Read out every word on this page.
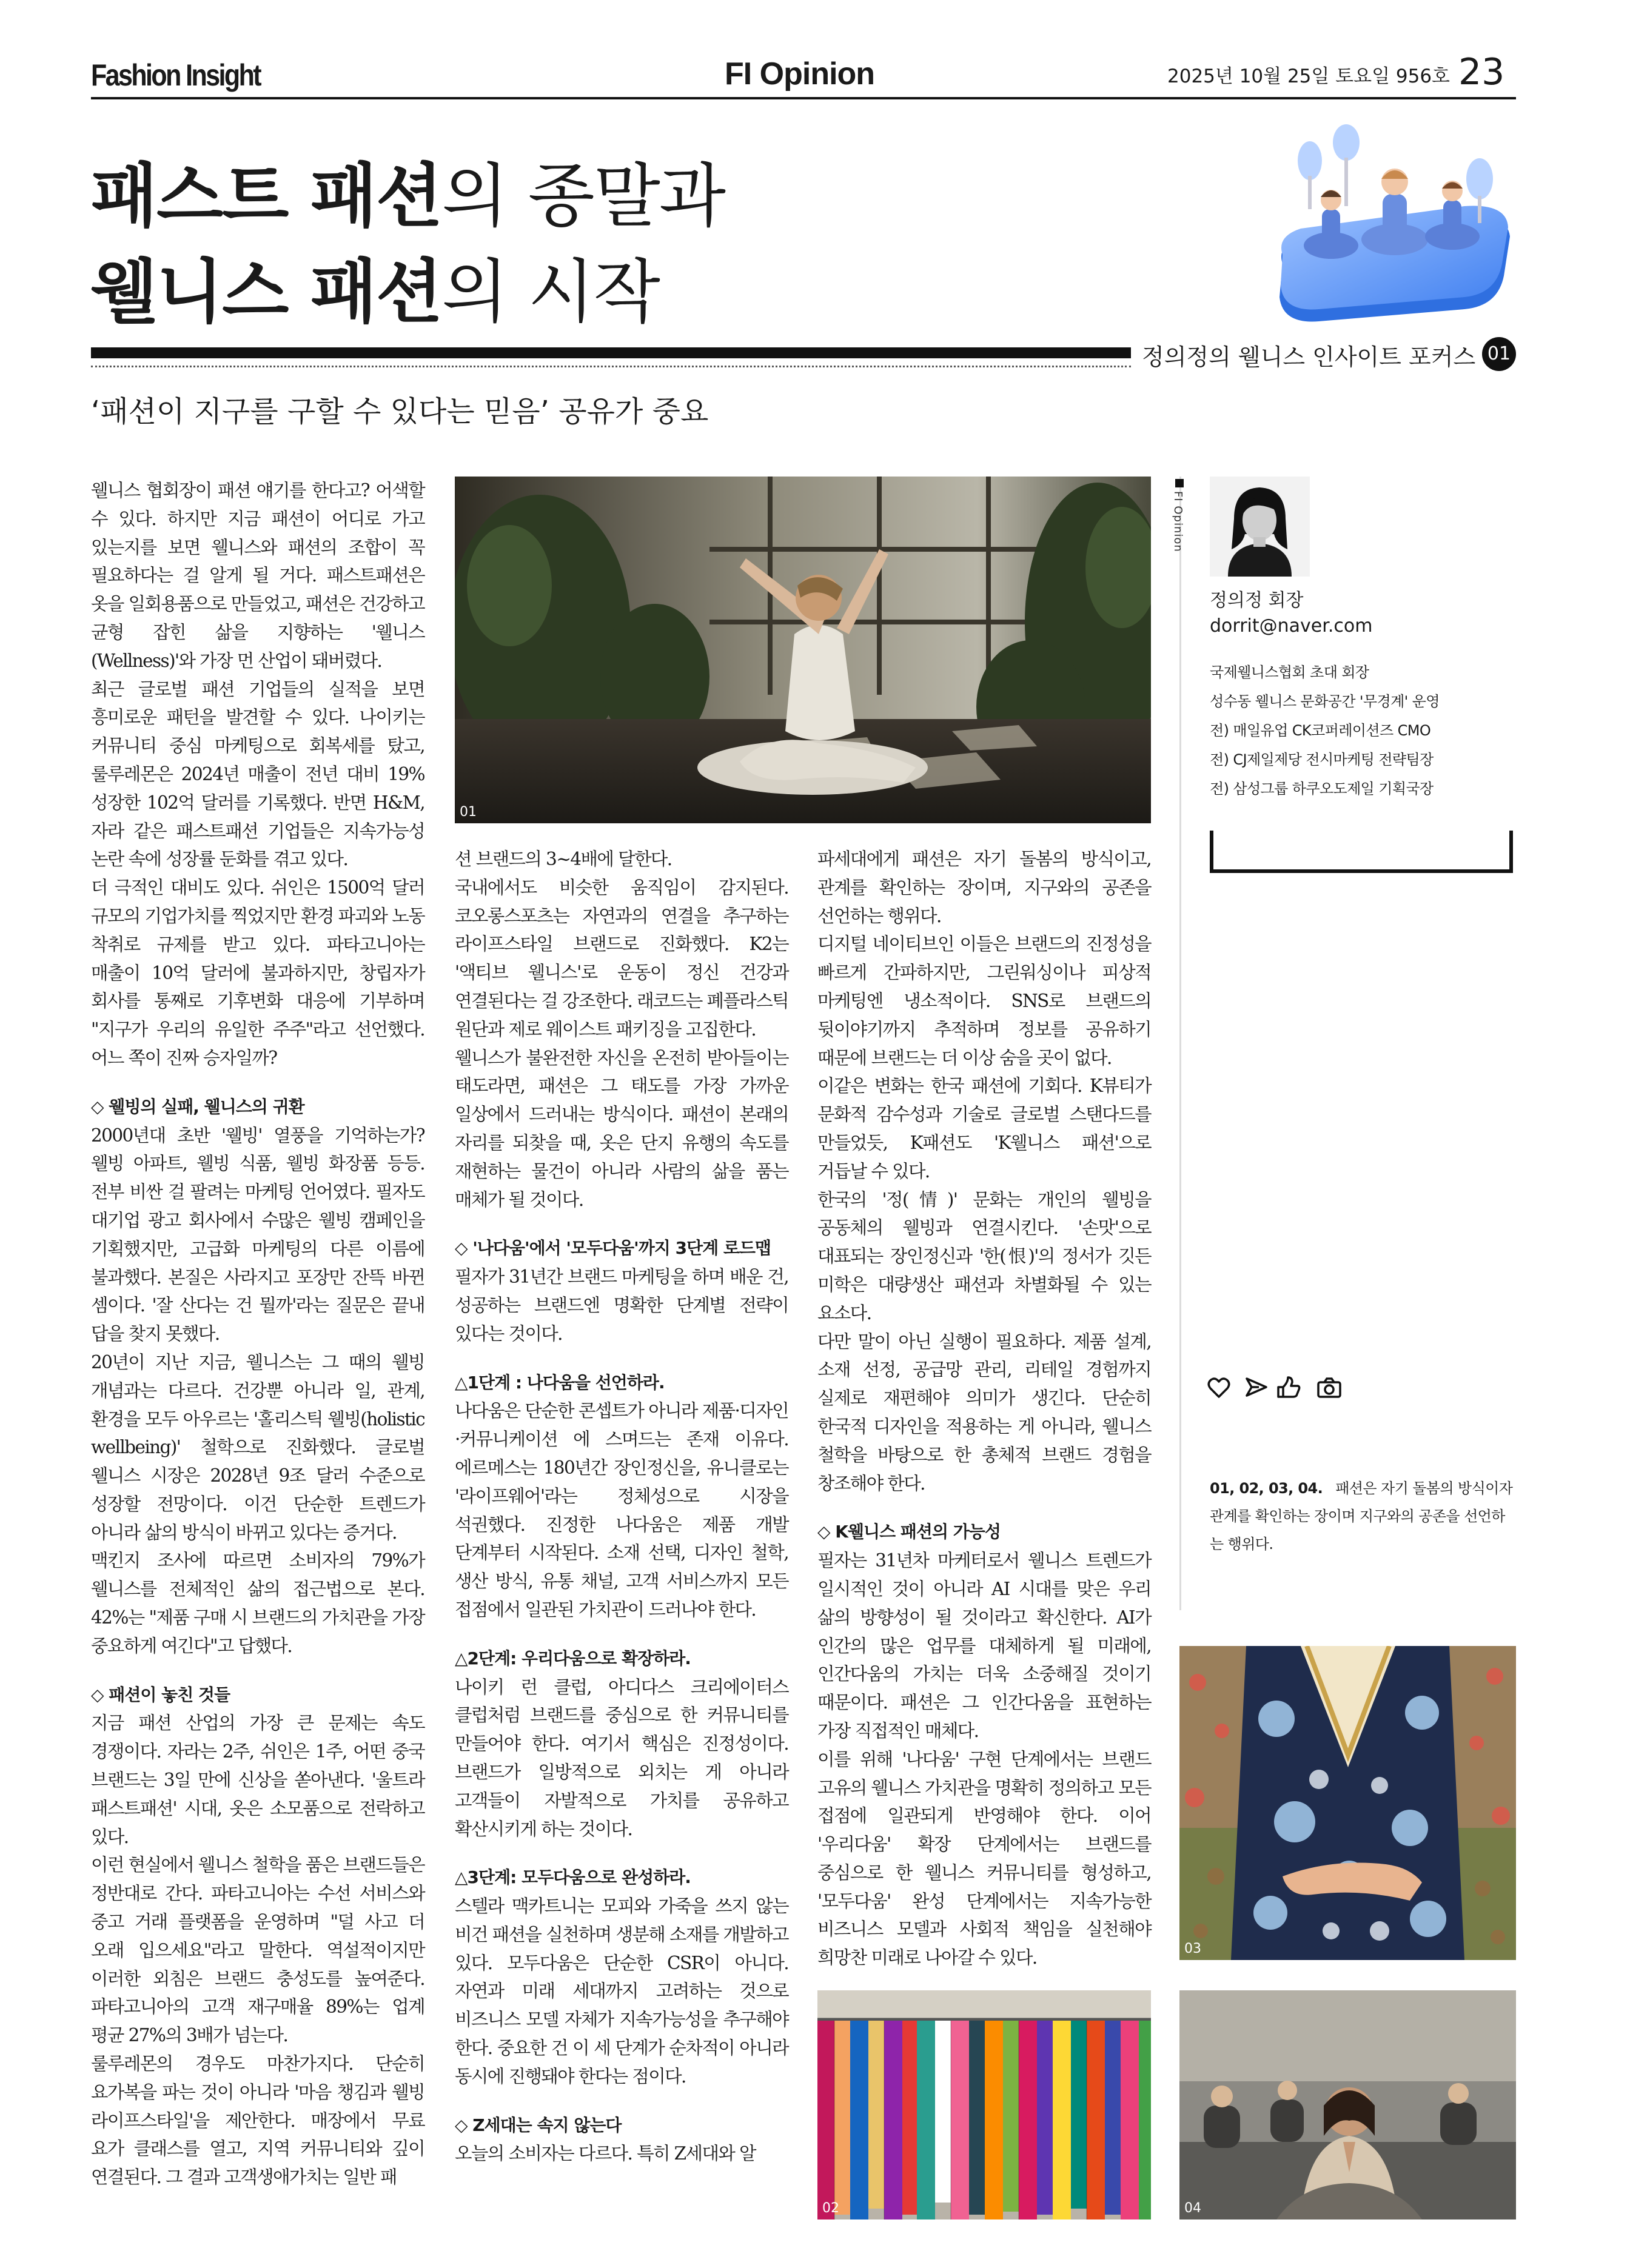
Fashion Insight	FI Opinion	2025년 10월 25일 토요일 956호 23
패스트 패션의 종말과
웰니스 패션의 시작
정의정의 웰니스 인사이트 포커스 01
‘패션이 지구를 구할 수 있다는 믿음’ 공유가 중요

웰니스 협회장이 패션 얘기를 한다고? 어색할 수 있다. 하지만 지금 패션이 어디로 가고 있는지를 보면 웰니스와 패션의 조합이 꼭 필요하다는 걸 알게 될 거다. 패스트패션은 옷을 일회용품으로 만들었고, 패션은 건강하고 균형 잡힌 삶을 지향하는 '웰니스(Wellness)'와 가장 먼 산업이 돼버렸다.

최근 글로벌 패션 기업들의 실적을 보면 흥미로운 패턴을 발견할 수 있다. 나이키는 커뮤니티 중심 마케팅으로 회복세를 탔고, 룰루레몬은 2024년 매출이 전년 대비 19% 성장한 102억 달러를 기록했다. 반면 H&M, 자라 같은 패스트패션 기업들은 지속가능성 논란 속에 성장률 둔화를 겪고 있다.

더 극적인 대비도 있다. 쉬인은 1500억 달러 규모의 기업가치를 찍었지만 환경 파괴와 노동 착취로 규제를 받고 있다. 파타고니아는 매출이 10억 달러에 불과하지만, 창립자가 회사를 통째로 기후변화 대응에 기부하며 "지구가 우리의 유일한 주주"라고 선언했다. 어느 쪽이 진짜 승자일까?

◇ 웰빙의 실패, 웰니스의 귀환

2000년대 초반 '웰빙' 열풍을 기억하는가? 웰빙 아파트, 웰빙 식품, 웰빙 화장품 등등. 전부 비싼 걸 팔려는 마케팅 언어였다. 필자도 대기업 광고 회사에서 수많은 웰빙 캠페인을 기획했지만, 고급화 마케팅의 다른 이름에 불과했다. 본질은 사라지고 포장만 잔뜩 바뀐 셈이다. '잘 산다는 건 뭘까'라는 질문은 끝내 답을 찾지 못했다.

20년이 지난 지금, 웰니스는 그 때의 웰빙 개념과는 다르다. 건강뿐 아니라 일, 관계, 환경을 모두 아우르는 '홀리스틱 웰빙(holistic wellbeing)' 철학으로 진화했다. 글로벌 웰니스 시장은 2028년 9조 달러 수준으로 성장할 전망이다. 이건 단순한 트렌드가 아니라 삶의 방식이 바뀌고 있다는 증거다.

맥킨지 조사에 따르면 소비자의 79%가 웰니스를 전체적인 삶의 접근법으로 본다. 42%는 "제품 구매 시 브랜드의 가치관을 가장 중요하게 여긴다"고 답했다.

◇ 패션이 놓친 것들

지금 패션 산업의 가장 큰 문제는 속도 경쟁이다. 자라는 2주, 쉬인은 1주, 어떤 중국 브랜드는 3일 만에 신상을 쏟아낸다. '울트라 패스트패션' 시대, 옷은 소모품으로 전락하고 있다.

이런 현실에서 웰니스 철학을 품은 브랜드들은 정반대로 간다. 파타고니아는 수선 서비스와 중고 거래 플랫폼을 운영하며 "덜 사고 더 오래 입으세요"라고 말한다. 역설적이지만 이러한 외침은 브랜드 충성도를 높여준다. 파타고니아의 고객 재구매율 89%는 업계 평균 27%의 3배가 넘는다.

룰루레몬의 경우도 마찬가지다. 단순히 요가복을 파는 것이 아니라 '마음 챙김과 웰빙 라이프스타일'을 제안한다. 매장에서 무료 요가 클래스를 열고, 지역 커뮤니티와 깊이 연결된다. 그 결과 고객생애가치는 일반 패

션 브랜드의 3~4배에 달한다.

국내에서도 비슷한 움직임이 감지된다. 코오롱스포츠는 자연과의 연결을 추구하는 라이프스타일 브랜드로 진화했다. K2는 '액티브 웰니스'로 운동이 정신 건강과 연결된다는 걸 강조한다. 래코드는 폐플라스틱 원단과 제로 웨이스트 패키징을 고집한다.

웰니스가 불완전한 자신을 온전히 받아들이는 태도라면, 패션은 그 태도를 가장 가까운 일상에서 드러내는 방식이다. 패션이 본래의 자리를 되찾을 때, 옷은 단지 유행의 속도를 재현하는 물건이 아니라 사람의 삶을 품는 매체가 될 것이다.

◇ '나다움'에서 '모두다움'까지 3단계 로드맵

필자가 31년간 브랜드 마케팅을 하며 배운 건, 성공하는 브랜드엔 명확한 단계별 전략이 있다는 것이다.

△1단계 : 나다움을 선언하라.

나다움은 단순한 콘셉트가 아니라 제품·디자인·커뮤니케이션 에 스며드는 존재 이유다. 에르메스는 180년간 장인정신을, 유니클로는 '라이프웨어'라는 정체성으로 시장을 석권했다. 진정한 나다움은 제품 개발 단계부터 시작된다. 소재 선택, 디자인 철학, 생산 방식, 유통 채널, 고객 서비스까지 모든 접점에서 일관된 가치관이 드러나야 한다.

△2단계: 우리다움으로 확장하라.

나이키 런 클럽, 아디다스 크리에이터스 클럽처럼 브랜드를 중심으로 한 커뮤니티를 만들어야 한다. 여기서 핵심은 진정성이다. 브랜드가 일방적으로 외치는 게 아니라 고객들이 자발적으로 가치를 공유하고 확산시키게 하는 것이다.

△3단계: 모두다움으로 완성하라.

스텔라 맥카트니는 모피와 가죽을 쓰지 않는 비건 패션을 실천하며 생분해 소재를 개발하고 있다. 모두다움은 단순한 CSR이 아니다. 자연과 미래 세대까지 고려하는 것으로 비즈니스 모델 자체가 지속가능성을 추구해야 한다. 중요한 건 이 세 단계가 순차적이 아니라 동시에 진행돼야 한다는 점이다.

◇ Z세대는 속지 않는다

오늘의 소비자는 다르다. 특히 Z세대와 알

파세대에게 패션은 자기 돌봄의 방식이고, 관계를 확인하는 장이며, 지구와의 공존을 선언하는 행위다.

디지털 네이티브인 이들은 브랜드의 진정성을 빠르게 간파하지만, 그린워싱이나 피상적 마케팅엔 냉소적이다. SNS로 브랜드의 뒷이야기까지 추적하며 정보를 공유하기 때문에 브랜드는 더 이상 숨을 곳이 없다.

이같은 변화는 한국 패션에 기회다. K뷰티가 문화적 감수성과 기술로 글로벌 스탠다드를 만들었듯, K패션도 'K웰니스 패션'으로 거듭날 수 있다.

한국의 '정(情)' 문화는 개인의 웰빙을 공동체의 웰빙과 연결시킨다. '손맛'으로 대표되는 장인정신과 '한(恨)'의 정서가 깃든 미학은 대량생산 패션과 차별화될 수 있는 요소다.

다만 말이 아닌 실행이 필요하다. 제품 설계, 소재 선정, 공급망 관리, 리테일 경험까지 실제로 재편해야 의미가 생긴다. 단순히 한국적 디자인을 적용하는 게 아니라, 웰니스 철학을 바탕으로 한 총체적 브랜드 경험을 창조해야 한다.

◇ K웰니스 패션의 가능성

필자는 31년차 마케터로서 웰니스 트렌드가 일시적인 것이 아니라 AI 시대를 맞은 우리 삶의 방향성이 될 것이라고 확신한다. AI가 인간의 많은 업무를 대체하게 될 미래에, 인간다움의 가치는 더욱 소중해질 것이기 때문이다. 패션은 그 인간다움을 표현하는 가장 직접적인 매체다.

이를 위해 '나다움' 구현 단계에서는 브랜드 고유의 웰니스 가치관을 명확히 정의하고 모든 접점에 일관되게 반영해야 한다. 이어 '우리다움' 확장 단계에서는 브랜드를 중심으로 한 웰니스 커뮤니티를 형성하고, '모두다움' 완성 단계에서는 지속가능한 비즈니스 모델과 사회적 책임을 실천해야 희망찬 미래로 나아갈 수 있다.

01
02
FI Opinion
정의정 회장
dorrit@naver.com
국제웰니스협회 초대 회장
성수동 웰니스 문화공간 '무경계' 운영
전) 매일유업 CK코퍼레이션즈 CMO
전) CJ제일제당 전시마케팅 전략팀장
전) 삼성그룹 하쿠오도제일 기획국장
01, 02, 03, 04. 패션은 자기 돌봄의 방식이자 관계를 확인하는 장이며 지구와의 공존을 선언하는 행위다.
03
04
